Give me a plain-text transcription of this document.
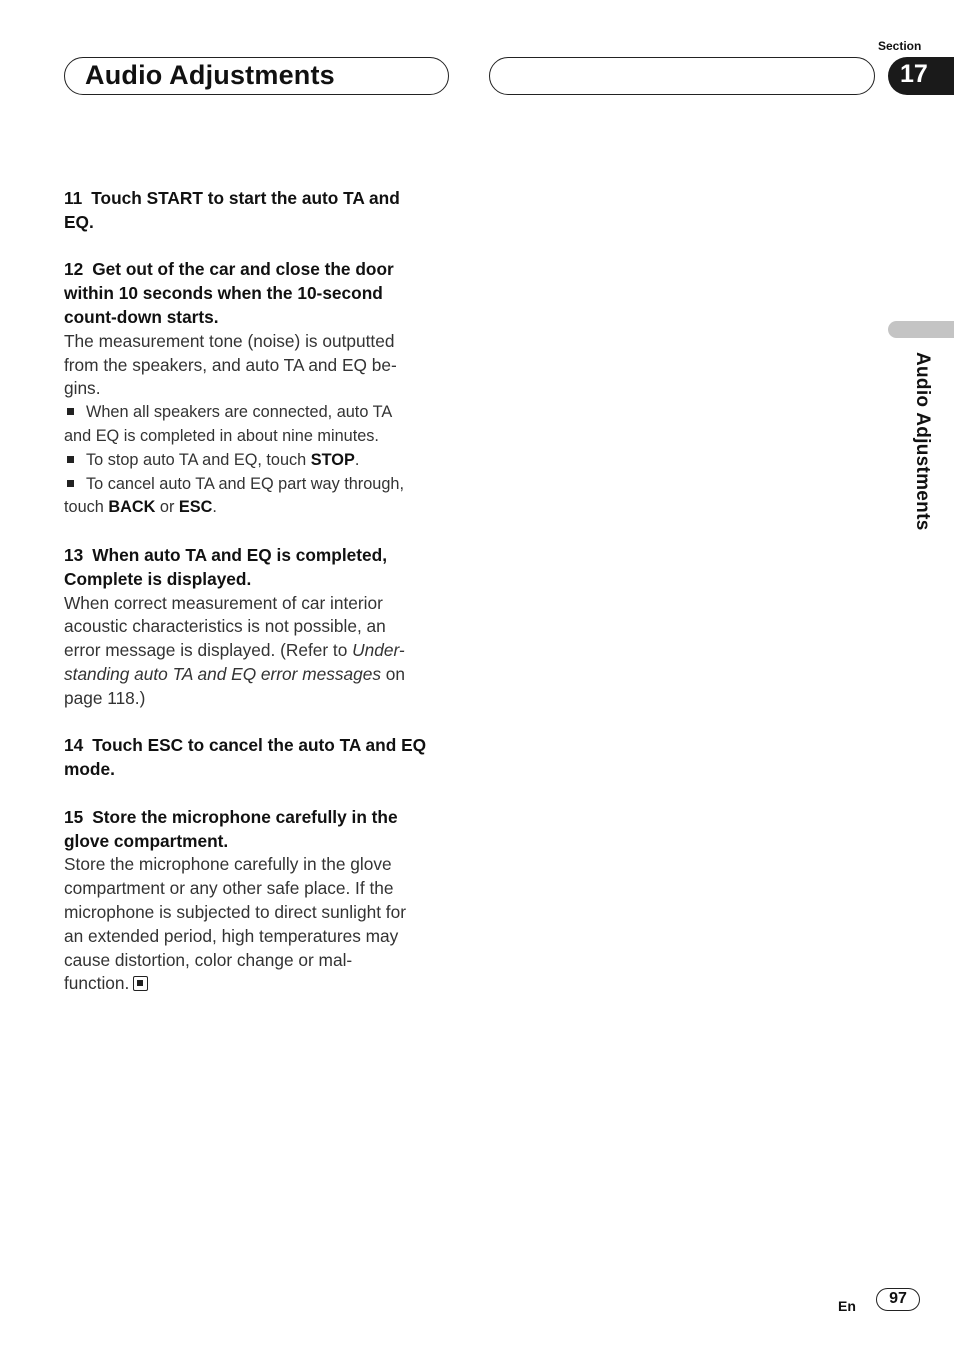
Audio Adjustments
Section
17
Audio Adjustments

11 Touch START to start the auto TA and
EQ.

12 Get out of the car and close the door
within 10 seconds when the 10-second
count-down starts.

The measurement tone (noise) is outputted
from the speakers, and auto TA and EQ be-
gins.

When all speakers are connected, auto TA
and EQ is completed in about nine minutes.

To stop auto TA and EQ, touch STOP.

To cancel auto TA and EQ part way through,
touch BACK or ESC.

13 When auto TA and EQ is completed,
Complete is displayed.

When correct measurement of car interior
acoustic characteristics is not possible, an
error message is displayed. (Refer to Under-
standing auto TA and EQ error messages on
page 118.)

14 Touch ESC to cancel the auto TA and EQ
mode.

15 Store the microphone carefully in the
glove compartment.

Store the microphone carefully in the glove
compartment or any other safe place. If the
microphone is subjected to direct sunlight for
an extended period, high temperatures may
cause distortion, color change or mal-
function.

En	97
